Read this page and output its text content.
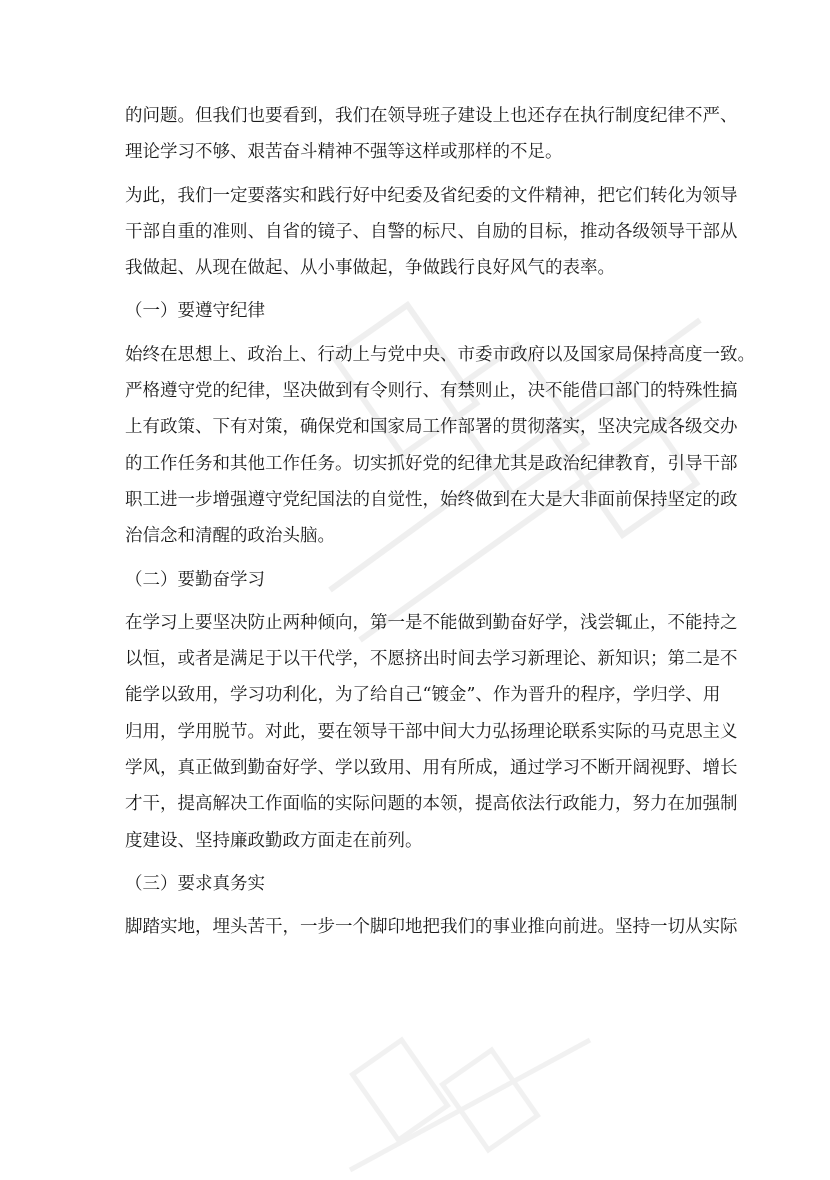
的问题。但我们也要看到，我们在领导班子建设上也还存在执行制度纪律不严、
理论学习不够、艰苦奋斗精神不强等这样或那样的不足。
为此，我们一定要落实和践行好中纪委及省纪委的文件精神，把它们转化为领导
干部自重的准则、自省的镜子、自警的标尺、自励的目标，推动各级领导干部从
我做起、从现在做起、从小事做起，争做践行良好风气的表率。
（一）要遵守纪律
始终在思想上、政治上、行动上与党中央、市委市政府以及国家局保持高度一致。
严格遵守党的纪律，坚决做到有令则行、有禁则止，决不能借口部门的特殊性搞
上有政策、下有对策，确保党和国家局工作部署的贯彻落实，坚决完成各级交办
的工作任务和其他工作任务。切实抓好党的纪律尤其是政治纪律教育，引导干部
职工进一步增强遵守党纪国法的自觉性，始终做到在大是大非面前保持坚定的政
治信念和清醒的政治头脑。
（二）要勤奋学习
在学习上要坚决防止两种倾向，第一是不能做到勤奋好学，浅尝辄止，不能持之
以恒，或者是满足于以干代学，不愿挤出时间去学习新理论、新知识；第二是不
能学以致用，学习功利化，为了给自己“镀金”、作为晋升的程序，学归学、用
归用，学用脱节。对此，要在领导干部中间大力弘扬理论联系实际的马克思主义
学风，真正做到勤奋好学、学以致用、用有所成，通过学习不断开阔视野、增长
才干，提高解决工作面临的实际问题的本领，提高依法行政能力，努力在加强制
度建设、坚持廉政勤政方面走在前列。
（三）要求真务实
脚踏实地，埋头苦干，一步一个脚印地把我们的事业推向前进。坚持一切从实际
